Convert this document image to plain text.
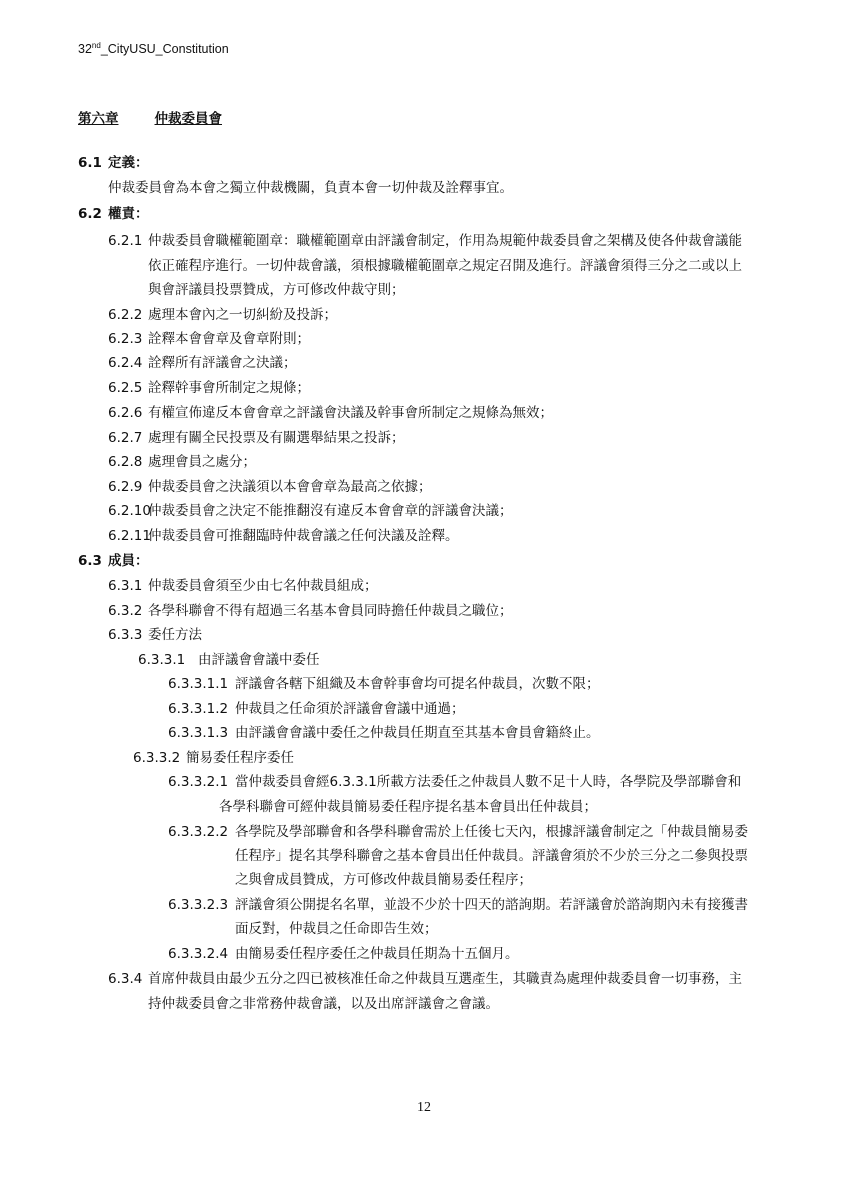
32nd_CityUSU_Constitution
第六章	仲裁委員會
6.1 定義：
仲裁委員會為本會之獨立仲裁機關，負責本會一切仲裁及詮釋事宜。
6.2 權責：
6.2.1 仲裁委員會職權範圍章：職權範圍章由評議會制定，作用為規範仲裁委員會之架構及使各仲裁會議能
依正確程序進行。一切仲裁會議，須根據職權範圍章之規定召開及進行。評議會須得三分之二或以上
與會評議員投票贊成，方可修改仲裁守則；
6.2.2 處理本會內之一切糾紛及投訴；
6.2.3 詮釋本會會章及會章附則；
6.2.4 詮釋所有評議會之決議；
6.2.5 詮釋幹事會所制定之規條；
6.2.6 有權宣佈違反本會會章之評議會決議及幹事會所制定之規條為無效；
6.2.7 處理有關全民投票及有關選舉結果之投訴；
6.2.8 處理會員之處分；
6.2.9 仲裁委員會之決議須以本會會章為最高之依據；
6.2.10仲裁委員會之決定不能推翻沒有違反本會會章的評議會決議；
6.2.11仲裁委員會可推翻臨時仲裁會議之任何決議及詮釋。
6.3 成員：
6.3.1 仲裁委員會須至少由七名仲裁員組成；
6.3.2 各學科聯會不得有超過三名基本會員同時擔任仲裁員之職位；
6.3.3 委任方法
6.3.3.1 由評議會會議中委任
6.3.3.1.1 評議會各轄下組織及本會幹事會均可提名仲裁員，次數不限；
6.3.3.1.2 仲裁員之任命須於評議會會議中通過；
6.3.3.1.3 由評議會會議中委任之仲裁員任期直至其基本會員會籍終止。
6.3.3.2 簡易委任程序委任
6.3.3.2.1 當仲裁委員會經6.3.3.1所載方法委任之仲裁員人數不足十人時，各學院及學部聯會和
各學科聯會可經仲裁員簡易委任程序提名基本會員出任仲裁員；
6.3.3.2.2 各學院及學部聯會和各學科聯會需於上任後七天內，根據評議會制定之「仲裁員簡易委
任程序」提名其學科聯會之基本會員出任仲裁員。評議會須於不少於三分之二參與投票
之與會成員贊成，方可修改仲裁員簡易委任程序；
6.3.3.2.3 評議會須公開提名名單，並設不少於十四天的諮詢期。若評議會於諮詢期內未有接獲書
面反對，仲裁員之任命即告生效；
6.3.3.2.4 由簡易委任程序委任之仲裁員任期為十五個月。
6.3.4 首席仲裁員由最少五分之四已被核准任命之仲裁員互選產生，其職責為處理仲裁委員會一切事務，主
持仲裁委員會之非常務仲裁會議，以及出席評議會之會議。
12
